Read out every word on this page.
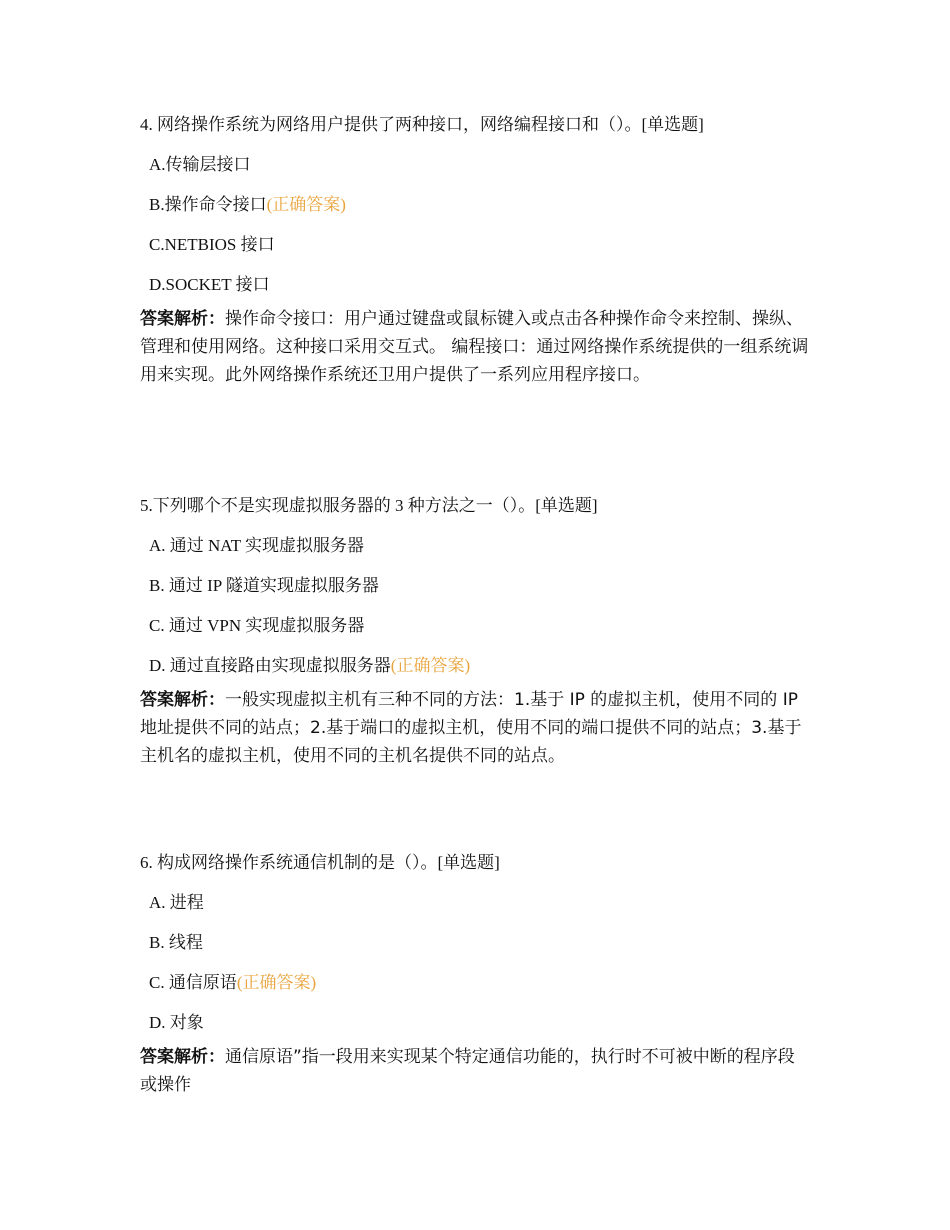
4. 网络操作系统为网络用户提供了两种接口，网络编程接口和（）。[单选题]
A.传输层接口
B.操作命令接口(正确答案)
C.NETBIOS 接口
D.SOCKET 接口
答案解析：操作命令接口：用户通过键盘或鼠标键入或点击各种操作命令来控制、操纵、管理和使用网络。这种接口采用交互式。 编程接口：通过网络操作系统提供的一组系统调用来实现。此外网络操作系统还卫用户提供了一系列应用程序接口。
5.下列哪个不是实现虚拟服务器的 3 种方法之一（）。[单选题]
A. 通过 NAT 实现虚拟服务器
B. 通过 IP 隧道实现虚拟服务器
C. 通过 VPN 实现虚拟服务器
D. 通过直接路由实现虚拟服务器(正确答案)
答案解析：一般实现虚拟主机有三种不同的方法：1.基于 IP 的虚拟主机，使用不同的 IP 地址提供不同的站点；2.基于端口的虚拟主机，使用不同的端口提供不同的站点；3.基于主机名的虚拟主机，使用不同的主机名提供不同的站点。
6. 构成网络操作系统通信机制的是（）。[单选题]
A. 进程
B. 线程
C. 通信原语(正确答案)
D. 对象
答案解析：通信原语”指一段用来实现某个特定通信功能的，执行时不可被中断的程序段或操作
